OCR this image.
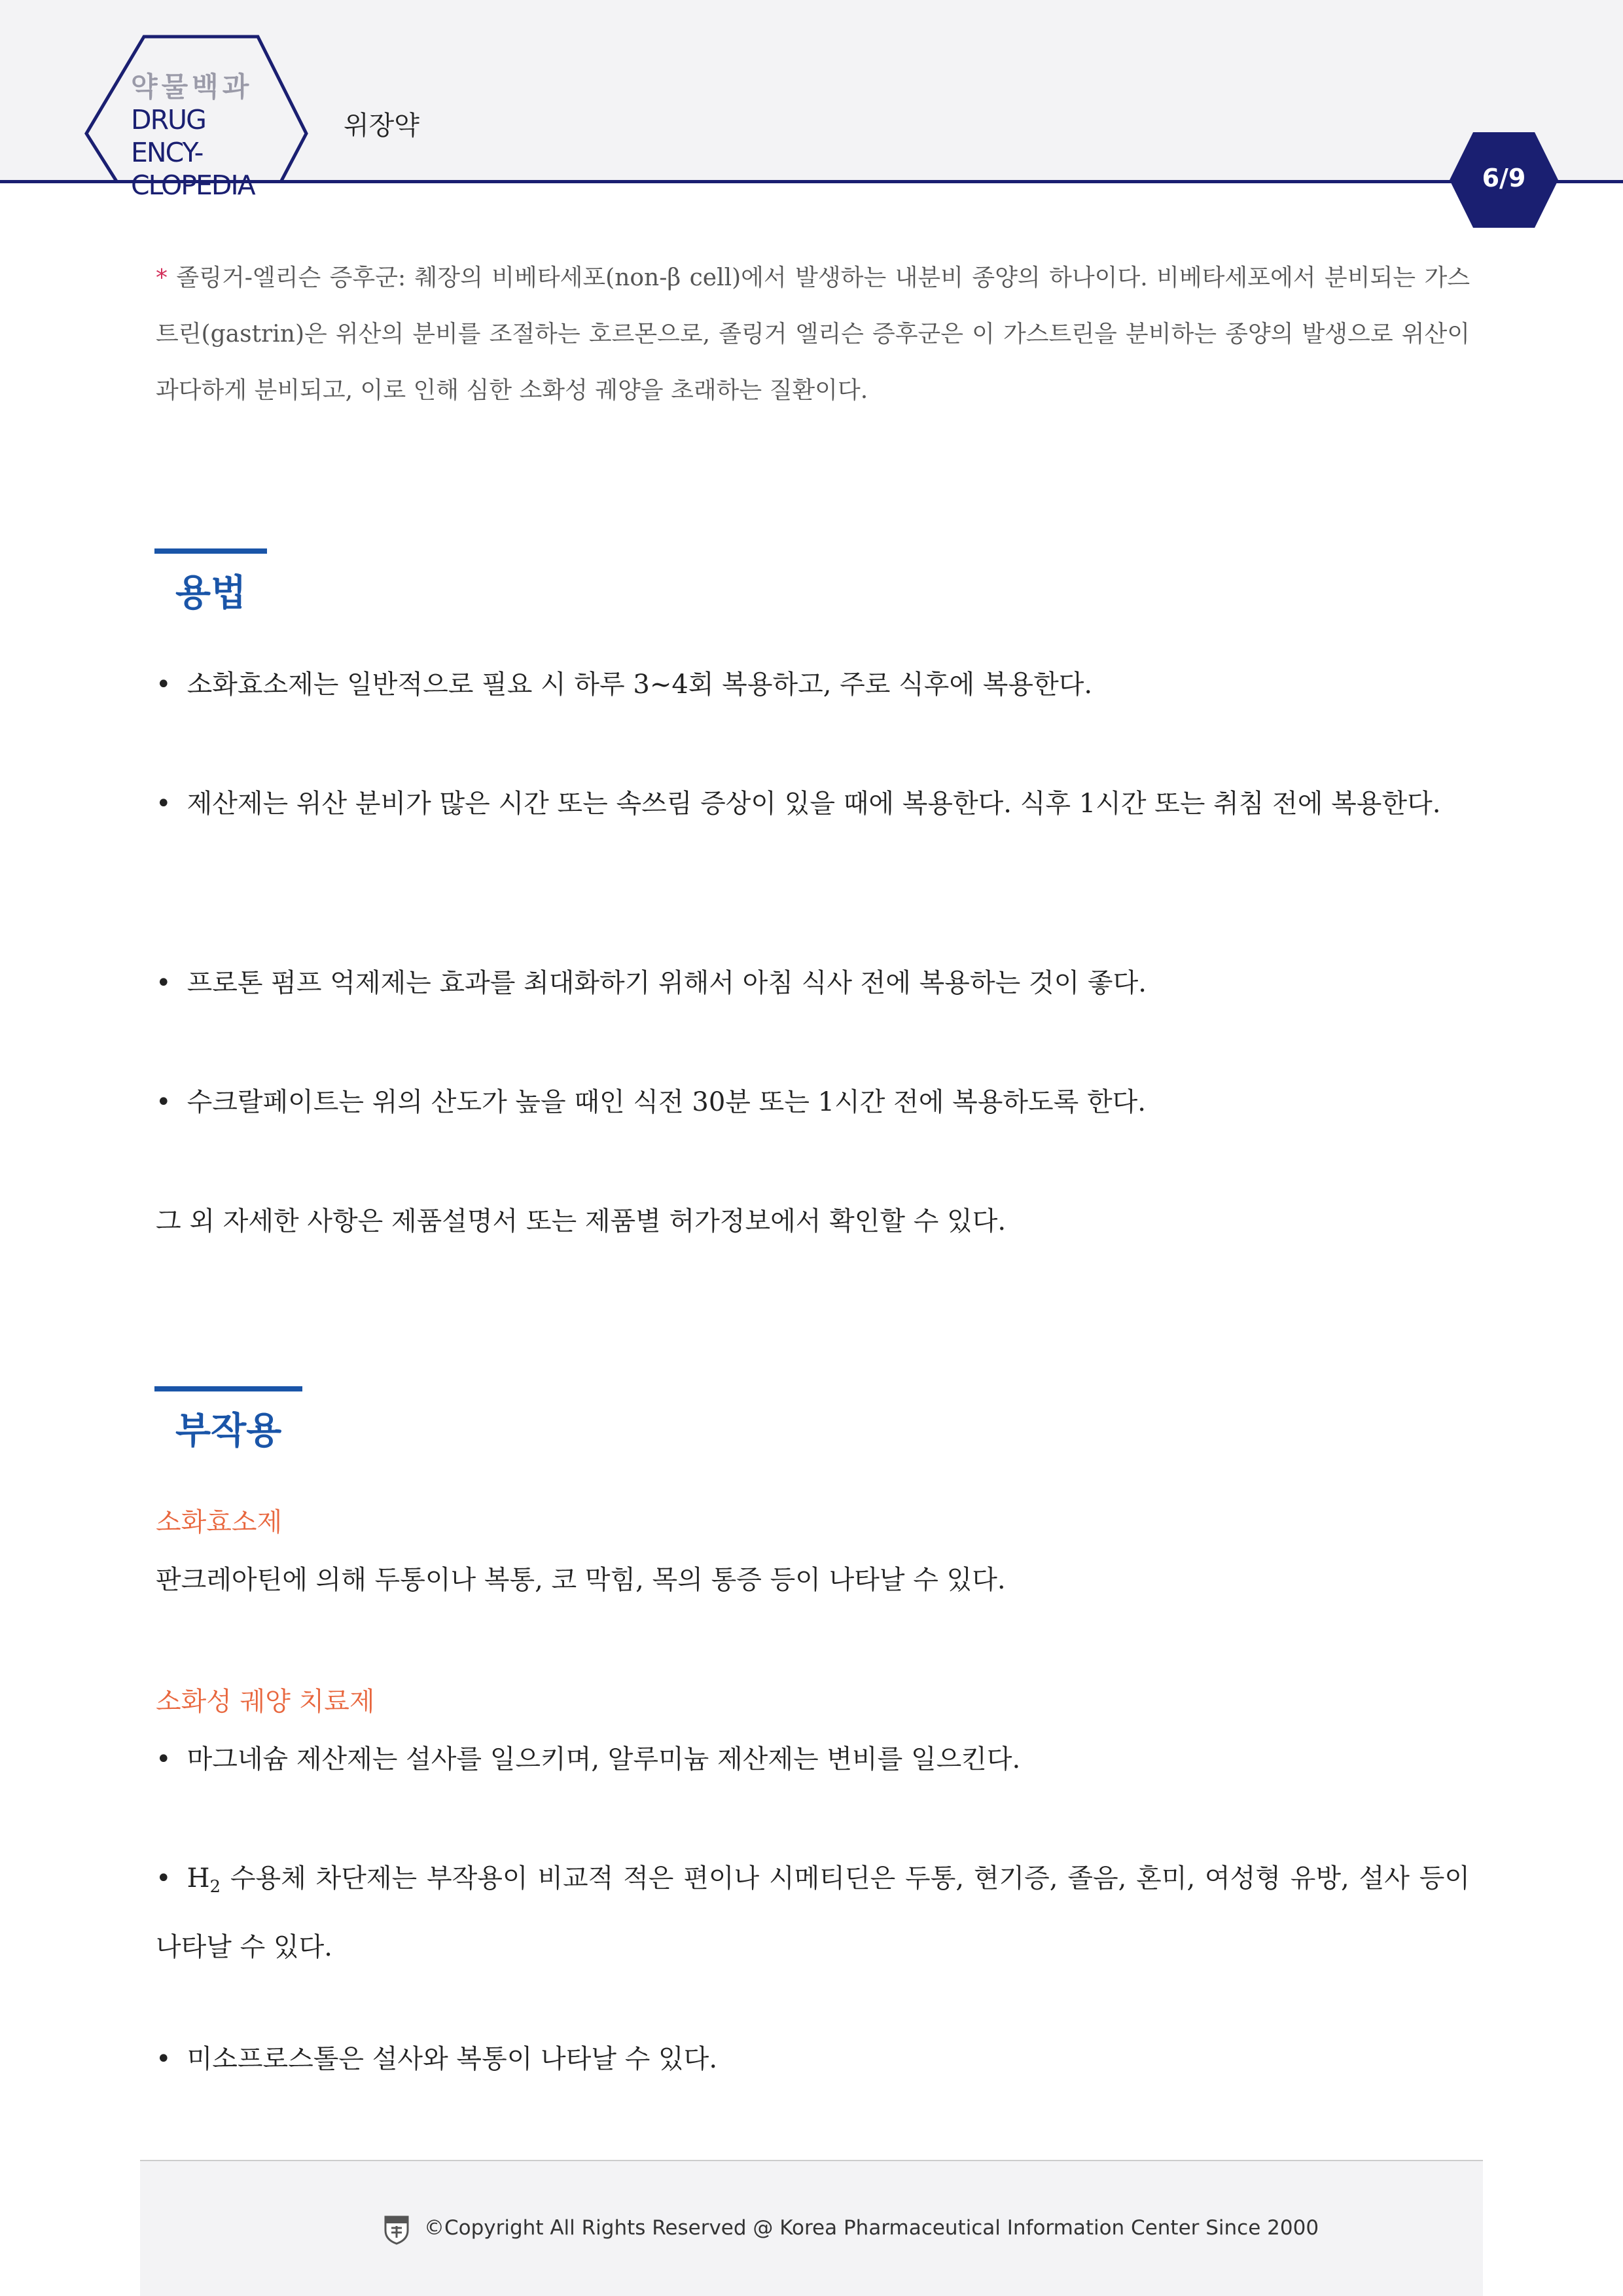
약물백과
DRUG ENCY-
CLOPEDIA
위장약
6/9
* 졸링거-엘리슨 증후군: 췌장의 비베타세포(non-β cell)에서 발생하는 내분비 종양의 하나이다. 비베타세포에서 분비되는 가스트린(gastrin)은 위산의 분비를 조절하는 호르몬으로, 졸링거 엘리슨 증후군은 이 가스트린을 분비하는 종양의 발생으로 위산이 과다하게 분비되고, 이로 인해 심한 소화성 궤양을 초래하는 질환이다.
용법
• 소화효소제는 일반적으로 필요 시 하루 3~4회 복용하고, 주로 식후에 복용한다.
• 제산제는 위산 분비가 많은 시간 또는 속쓰림 증상이 있을 때에 복용한다. 식후 1시간 또는 취침 전에 복용한다.
• 프로톤 펌프 억제제는 효과를 최대화하기 위해서 아침 식사 전에 복용하는 것이 좋다.
• 수크랄페이트는 위의 산도가 높을 때인 식전 30분 또는 1시간 전에 복용하도록 한다.
그 외 자세한 사항은 제품설명서 또는 제품별 허가정보에서 확인할 수 있다.
부작용
소화효소제
판크레아틴에 의해 두통이나 복통, 코 막힘, 목의 통증 등이 나타날 수 있다.
소화성 궤양 치료제
• 마그네슘 제산제는 설사를 일으키며, 알루미늄 제산제는 변비를 일으킨다.
• $H_2$ 수용체 차단제는 부작용이 비교적 적은 편이나 시메티딘은 두통, 현기증, 졸음, 혼미, 여성형 유방, 설사 등이 나타날 수 있다.
• 미소프로스톨은 설사와 복통이 나타날 수 있다.
©Copyright All Rights Reserved @ Korea Pharmaceutical Information Center Since 2000
